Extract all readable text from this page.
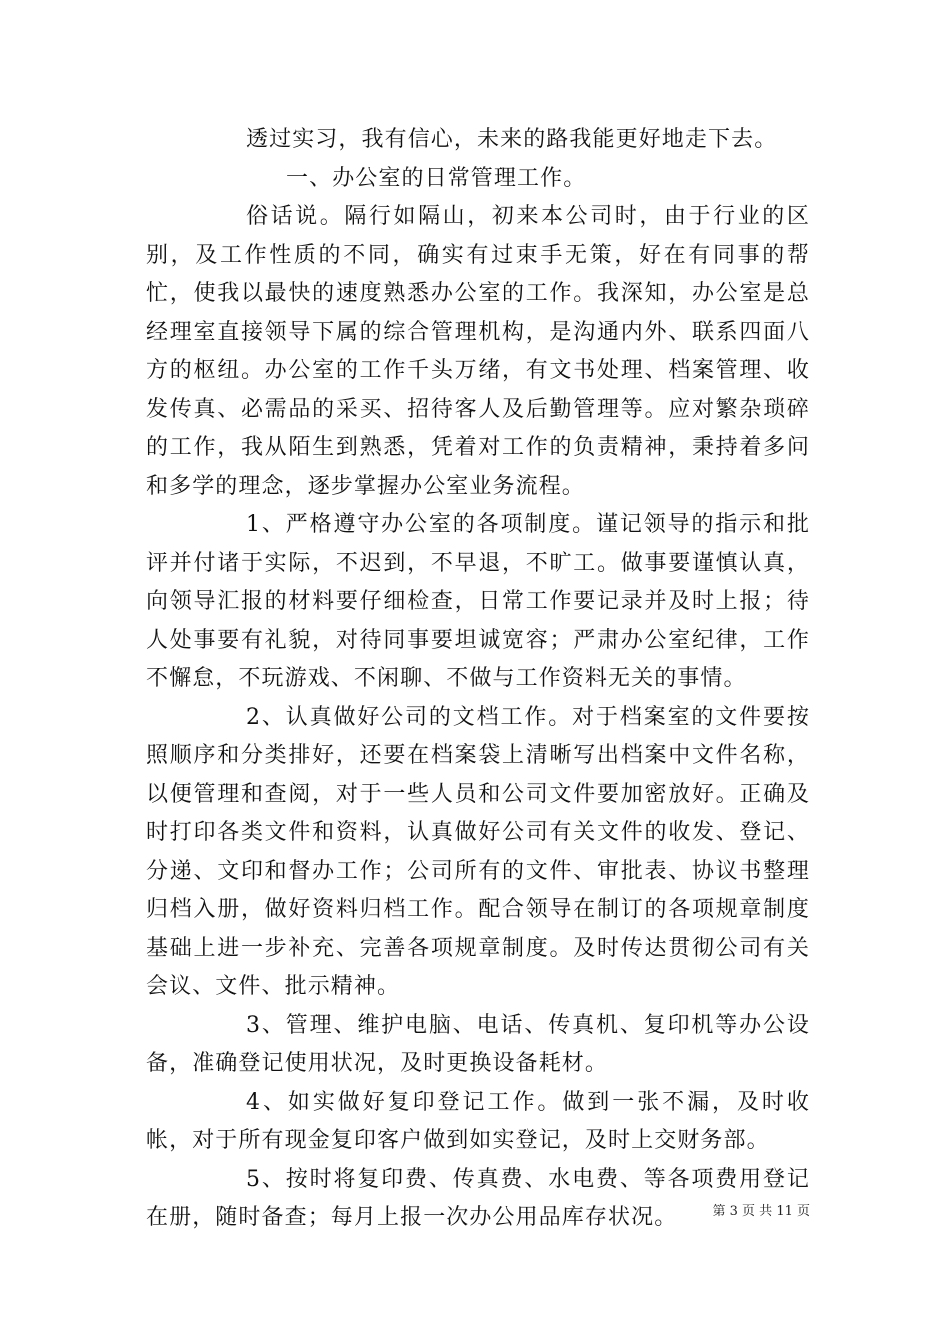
透过实习，我有信心，未来的路我能更好地走下去。

一、办公室的日常管理工作。

俗话说。隔行如隔山，初来本公司时，由于行业的区别，及工作性质的不同，确实有过束手无策，好在有同事的帮忙，使我以最快的速度熟悉办公室的工作。我深知，办公室是总经理室直接领导下属的综合管理机构，是沟通内外、联系四面八方的枢纽。办公室的工作千头万绪，有文书处理、档案管理、收发传真、必需品的采买、招待客人及后勤管理等。应对繁杂琐碎的工作，我从陌生到熟悉，凭着对工作的负责精神，秉持着多问和多学的理念，逐步掌握办公室业务流程。

1、严格遵守办公室的各项制度。谨记领导的指示和批评并付诸于实际，不迟到，不早退，不旷工。做事要谨慎认真，向领导汇报的材料要仔细检查，日常工作要记录并及时上报；待人处事要有礼貌，对待同事要坦诚宽容；严肃办公室纪律，工作不懈怠，不玩游戏、不闲聊、不做与工作资料无关的事情。

2、认真做好公司的文档工作。对于档案室的文件要按照顺序和分类排好，还要在档案袋上清晰写出档案中文件名称，以便管理和查阅，对于一些人员和公司文件要加密放好。正确及时打印各类文件和资料，认真做好公司有关文件的收发、登记、分递、文印和督办工作；公司所有的文件、审批表、协议书整理归档入册，做好资料归档工作。配合领导在制订的各项规章制度基础上进一步补充、完善各项规章制度。及时传达贯彻公司有关会议、文件、批示精神。

3、管理、维护电脑、电话、传真机、复印机等办公设备，准确登记使用状况，及时更换设备耗材。

4、如实做好复印登记工作。做到一张不漏，及时收帐，对于所有现金复印客户做到如实登记，及时上交财务部。

5、按时将复印费、传真费、水电费、等各项费用登记在册，随时备查；每月上报一次办公用品库存状况。	第 3 页 共 11 页
